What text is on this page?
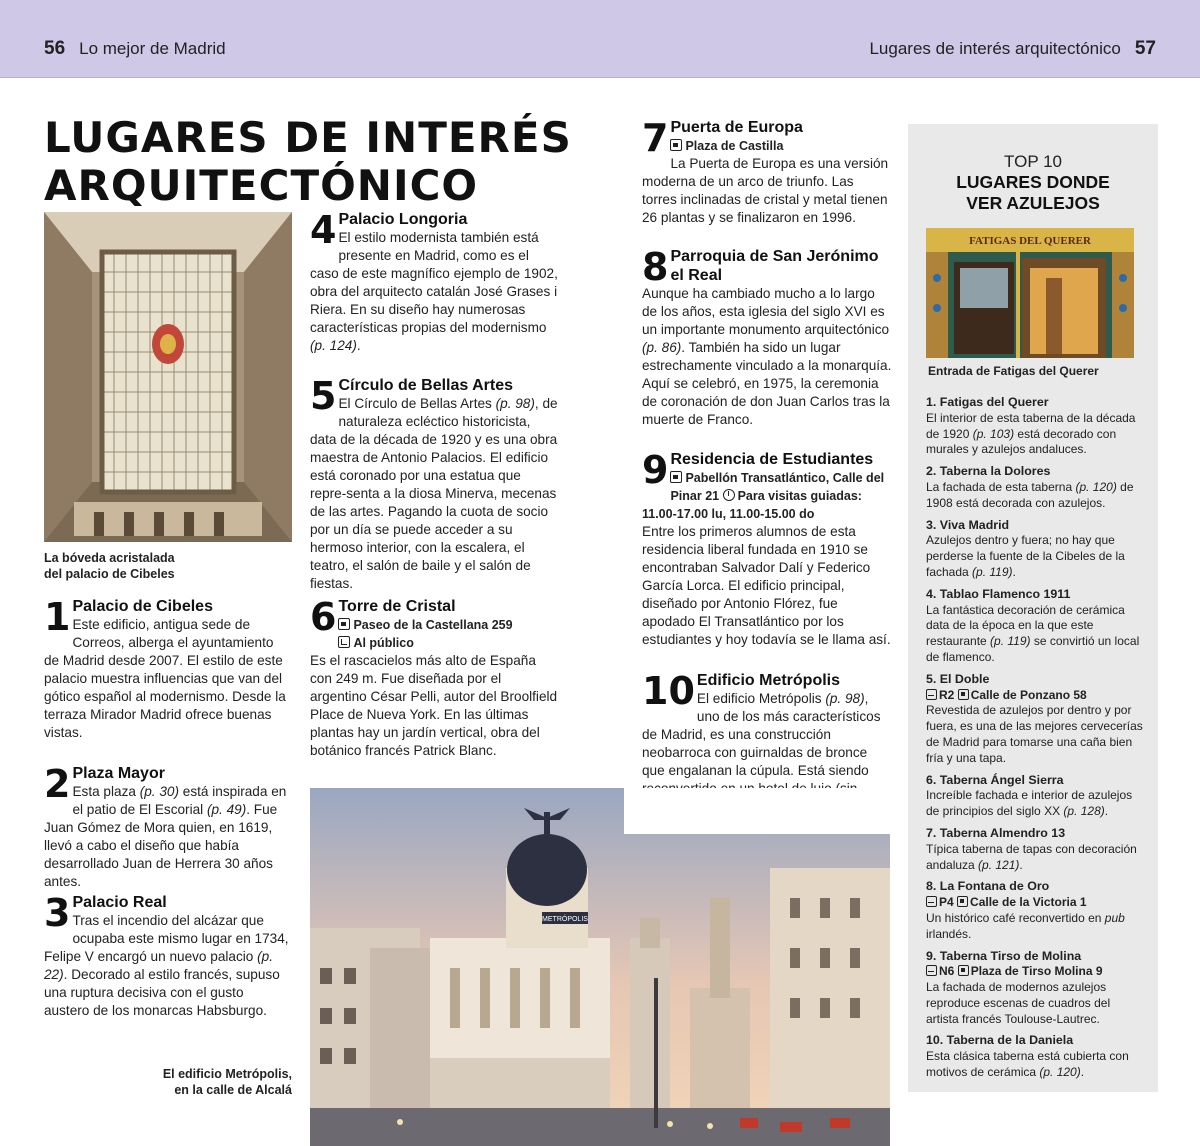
56 Lo mejor de Madrid	Lugares de interés arquitectónico 57
LUGARES DE INTERÉS
ARQUITECTÓNICO
La bóveda acristalada
del palacio de Cibeles
1 Palacio de Cibeles

Este edificio, antigua sede de Correos, alberga el ayuntamiento de Madrid desde 2007. El estilo de este palacio muestra influencias que van del gótico español al modernismo. Desde la terraza Mirador Madrid ofrece buenas vistas.

2 Plaza Mayor

Esta plaza (p. 30) está inspirada en el patio de El Escorial (p. 49). Fue Juan Gómez de Mora quien, en 1619, llevó a cabo el diseño que había desarrollado Juan de Herrera 30 años antes.

3 Palacio Real

Tras el incendio del alcázar que ocupaba este mismo lugar en 1734, Felipe V encargó un nuevo palacio (p. 22). Decorado al estilo francés, supuso una ruptura decisiva con el gusto austero de los monarcas Habsburgo.

El edificio Metrópolis,
en la calle de Alcalá
4 Palacio Longoria

El estilo modernista también está presente en Madrid, como es el caso de este magnífico ejemplo de 1902, obra del arquitecto catalán José Grases i Riera. En su diseño hay numerosas características propias del modernismo (p. 124).

5 Círculo de Bellas Artes

El Círculo de Bellas Artes (p. 98), de naturaleza ecléctico historicista, data de la década de 1920 y es una obra maestra de Antonio Palacios. El edificio está coronado por una estatua que repre-senta a la diosa Minerva, mecenas de las artes. Pagando la cuota de socio por un día se puede acceder a su hermoso interior, con la escalera, el teatro, el salón de baile y el salón de fiestas.

6 Torre de Cristal
Paseo de la Castellana 259
Al público

Es el rascacielos más alto de España con 249 m. Fue diseñada por el argentino César Pelli, autor del Broolfield Place de Nueva York. En las últimas plantas hay un jardín vertical, obra del botánico francés Patrick Blanc.

7 Puerta de Europa
Plaza de Castilla

La Puerta de Europa es una versión moderna de un arco de triunfo. Las torres inclinadas de cristal y metal tienen 26 plantas y se finalizaron en 1996.

8 Parroquia de San Jerónimo el Real

Aunque ha cambiado mucho a lo largo de los años, esta iglesia del siglo XVI es un importante monumento arquitectónico (p. 86). También ha sido un lugar estrechamente vinculado a la monarquía. Aquí se celebró, en 1975, la ceremonia de coronación de don Juan Carlos tras la muerte de Franco.

9 Residencia de Estudiantes
Pabellón Transatlántico, Calle del Pinar 21 Para visitas guiadas: 11.00-17.00 lu, 11.00-15.00 do

Entre los primeros alumnos de esta residencia liberal fundada en 1910 se encontraban Salvador Dalí y Federico García Lorca. El edificio principal, diseñado por Antonio Flórez, fue apodado El Transatlántico por los estudiantes y hoy todavía se le llama así.

10 Edificio Metrópolis

El edificio Metrópolis (p. 98), uno de los más característicos de Madrid, es una construcción neobarroca con guirnaldas de bronce que engalanan la cúpula. Está siendo

METRÓPOLIS
TOP 10
LUGARES DONDE
VER AZULEJOS
FATIGAS DEL QUERER
Entrada de Fatigas del Querer
1. Fatigas del Querer
El interior de esta taberna de la década de 1920 (p. 103) está decorado con murales y azulejos andaluces.
2. Taberna la Dolores
La fachada de esta taberna (p. 120) de 1908 está decorada con azulejos.
3. Viva Madrid
Azulejos dentro y fuera; no hay que perderse la fuente de la Cibeles de la fachada (p. 119).
4. Tablao Flamenco 1911
La fantástica decoración de cerámica data de la época en la que este restaurante (p. 119) se convirtió un local de flamenco.
5. El Doble
R2 Calle de Ponzano 58
Revestida de azulejos por dentro y por fuera, es una de las mejores cervecerías de Madrid para tomarse una caña bien fría y una tapa.
6. Taberna Ángel Sierra
Increíble fachada e interior de azulejos de principios del siglo XX (p. 128).
7. Taberna Almendro 13
Típica taberna de tapas con decoración andaluza (p. 121).
8. La Fontana de Oro
P4 Calle de la Victoria 1
Un histórico café reconvertido en pub irlandés.
9. Taberna Tirso de Molina
N6 Plaza de Tirso Molina 9
La fachada de modernos azulejos reproduce escenas de cuadros del artista francés Toulouse-Lautrec.
10. Taberna de la Daniela
Esta clásica taberna está cubierta con motivos de cerámica (p. 120).
